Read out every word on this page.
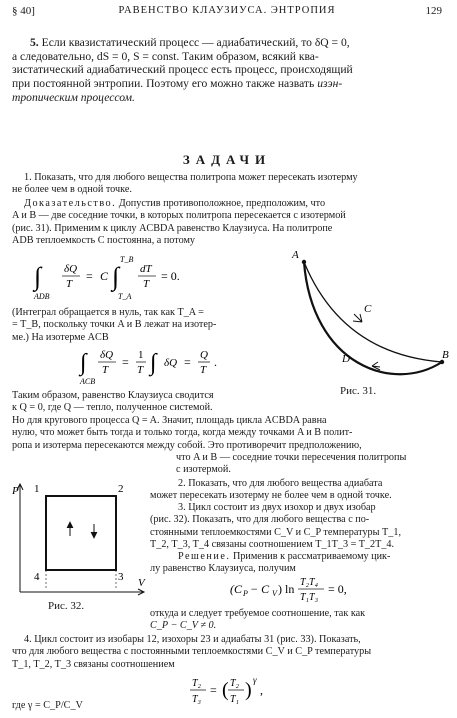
§ 40]	РАВЕНСТВО КЛАУЗИУСА. ЭНТРОПИЯ	129

5. Если квазистатический процесс — адиабатический, то δQ = 0,

а следовательно, dS = 0, S = const. Таким образом, всякий ква-

зистатический адиабатический процесс есть процесс, происходящий

при постоянной энтропии. Поэтому его можно также назвать изэн-

тропическим процессом.

ЗАДАЧИ

1. Показать, что для любого вещества политропа может пересекать изотерму

не более чем в одной точке.

Доказательство. Допустив противоположное, предположим, что

A и B — две соседние точки, в которых политропа пересекается с изотермой

(рис. 31). Применим к циклу ACBDA равенство Клаузиуса. На политропе

ADB теплоемкость C постоянна, а потому

∫
ADB
δQ
T
= C ∫
T_B
T_A
dT
T
= 0.

(Интеграл обращается в нуль, так как T_A =

= T_B, поскольку точки A и B лежат на изотер-

ме.) На изотерме ACB

∫
ACB
δQ
T
= 1
T ∫ δQ = Q
T
.

Таким образом, равенство Клаузиуса сводится

к Q = 0, где Q — тепло, полученное системой.

Но для кругового процесса Q = A. Значит, площадь цикла ACBDA равна

нулю, что может быть тогда и только тогда, когда между точками A и B полит-

ропа и изотерма пересекаются между собой. Это противоречит предположению,

что A и B — соседние точки пересечения политропы

с изотермой.

A
B
C
D
Рис. 31.
P
V
1	2
3
4
Рис. 32.

2. Показать, что для любого вещества адиабата

может пересекать изотерму не более чем в одной точке.

3. Цикл состоит из двух изохор и двух изобар

(рис. 32). Показать, что для любого вещества с по-

стоянными теплоемкостями C_V и C_P температуры T_1,

T_2, T_3, T_4 связаны соотношением T_1T_3 = T_2T_4.

Решение. Применив к рассматриваемому цик-

лу равенство Клаузиуса, получим

(C P − C V ) ln T₂T₄
T₁T₃
= 0,

откуда и следует требуемое соотношение, так как

C_P − C_V ≠ 0.

4. Цикл состоит из изобары 12, изохоры 23 и адиабаты 31 (рис. 33). Показать,

что для любого вещества с постоянными теплоемкостями C_V и C_P температуры

T_1, T_2, T_3 связаны соотношением

T₂
T₃
= ( T₂
T₁ ) γ
,

где γ = C_P/C_V
